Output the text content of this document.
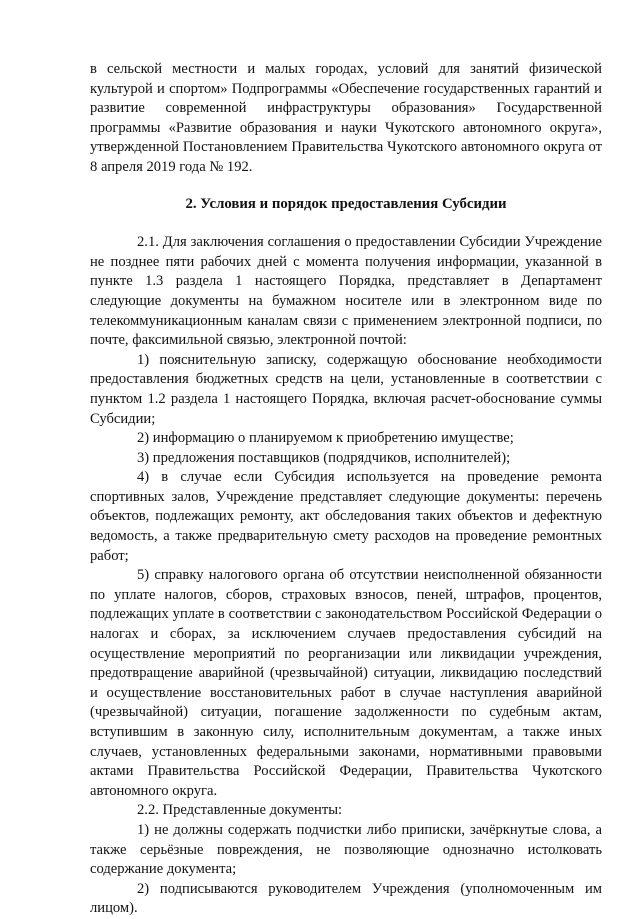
в сельской местности и малых городах, условий для занятий физической культурой и спортом» Подпрограммы «Обеспечение государственных гарантий и развитие современной инфраструктуры образования» Государственной программы «Развитие образования и науки Чукотского автономного округа», утвержденной Постановлением Правительства Чукотского автономного округа от 8 апреля 2019 года № 192.

2. Условия и порядок предоставления Субсидии

2.1. Для заключения соглашения о предоставлении Субсидии Учреждение не позднее пяти рабочих дней с момента получения информации, указанной в пункте 1.3 раздела 1 настоящего Порядка, представляет в Департамент следующие документы на бумажном носителе или в электронном виде по телекоммуникационным каналам связи с применением электронной подписи, по почте, факсимильной связью, электронной почтой:

1) пояснительную записку, содержащую обоснование необходимости предоставления бюджетных средств на цели, установленные в соответствии с пунктом 1.2 раздела 1 настоящего Порядка, включая расчет-обоснование суммы Субсидии;

2) информацию о планируемом к приобретению имуществе;

3) предложения поставщиков (подрядчиков, исполнителей);

4) в случае если Субсидия используется на проведение ремонта спортивных залов, Учреждение представляет следующие документы: перечень объектов, подлежащих ремонту, акт обследования таких объектов и дефектную ведомость, а также предварительную смету расходов на проведение ремонтных работ;

5) справку налогового органа об отсутствии неисполненной обязанности по уплате налогов, сборов, страховых взносов, пеней, штрафов, процентов, подлежащих уплате в соответствии с законодательством Российской Федерации о налогах и сборах, за исключением случаев предоставления субсидий на осуществление мероприятий по реорганизации или ликвидации учреждения, предотвращение аварийной (чрезвычайной) ситуации, ликвидацию последствий и осуществление восстановительных работ в случае наступления аварийной (чрезвычайной) ситуации, погашение задолженности по судебным актам, вступившим в законную силу, исполнительным документам, а также иных случаев, установленных федеральными законами, нормативными правовыми актами Правительства Российской Федерации, Правительства Чукотского автономного округа.

2.2. Представленные документы:

1) не должны содержать подчистки либо приписки, зачёркнутые слова, а также серьёзные повреждения, не позволяющие однозначно истолковать содержание документа;

2) подписываются руководителем Учреждения (уполномоченным им лицом).
